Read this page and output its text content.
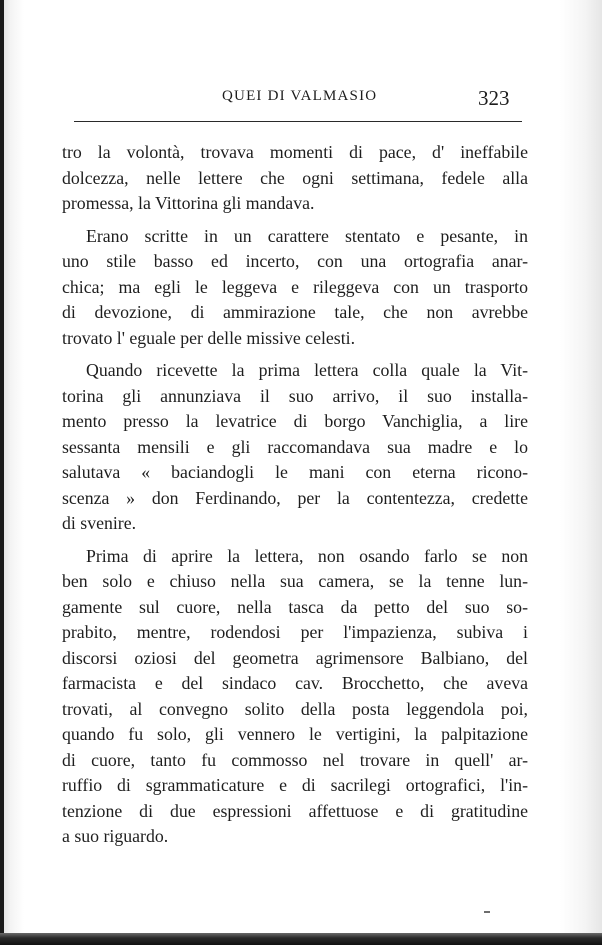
QUEI DI VALMASIO	323
tro la volontà, trovava momenti di pace, d' ineffabile
dolcezza, nelle lettere che ogni settimana, fedele alla
promessa, la Vittorina gli mandava.
Erano scritte in un carattere stentato e pesante, in
uno stile basso ed incerto, con una ortografia anar-
chica; ma egli le leggeva e rileggeva con un trasporto
di devozione, di ammirazione tale, che non avrebbe
trovato l' eguale per delle missive celesti.
Quando ricevette la prima lettera colla quale la Vit-
torina gli annunziava il suo arrivo, il suo installa-
mento presso la levatrice di borgo Vanchiglia, a lire
sessanta mensili e gli raccomandava sua madre e lo
salutava « baciandogli le mani con eterna ricono-
scenza » don Ferdinando, per la contentezza, credette
di svenire.
Prima di aprire la lettera, non osando farlo se non
ben solo e chiuso nella sua camera, se la tenne lun-
gamente sul cuore, nella tasca da petto del suo so-
prabito, mentre, rodendosi per l'impazienza, subiva i
discorsi oziosi del geometra agrimensore Balbiano, del
farmacista e del sindaco cav. Brocchetto, che aveva
trovati, al convegno solito della posta leggendola poi,
quando fu solo, gli vennero le vertigini, la palpitazione
di cuore, tanto fu commosso nel trovare in quell' ar-
ruffio di sgrammaticature e di sacrilegi ortografici, l'in-
tenzione di due espressioni affettuose e di gratitudine
a suo riguardo.
